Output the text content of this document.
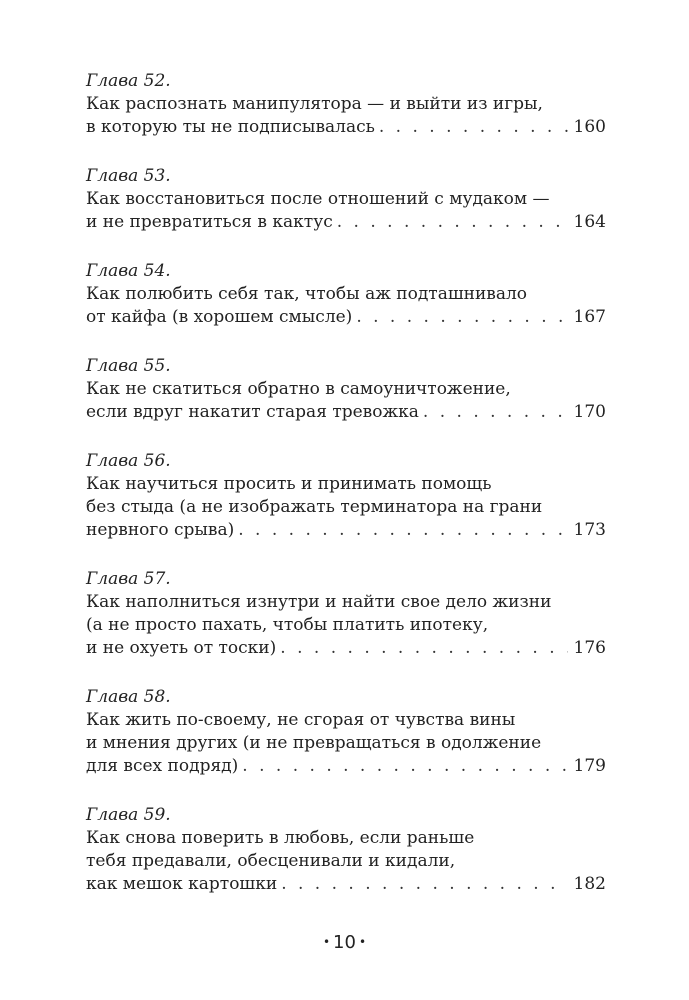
Глава 52.
Как распознать манипулятора — и выйти из игры,
в которую ты не подписывалась . . .	160
Глава 53.
Как восстановиться после отношений с мудаком —
и не превратиться в кактус . . .	164
Глава 54.
Как полюбить себя так, чтобы аж подташнивало
от кайфа (в хорошем смысле) . . .	167
Глава 55.
Как не скатиться обратно в самоуничтожение,
если вдруг накатит старая тревожка . . .	170
Глава 56.
Как научиться просить и принимать помощь
без стыда (а не изображать терминатора на грани
нервного срыва) . . .	173
Глава 57.
Как наполниться изнутри и найти свое дело жизни
(а не просто пахать, чтобы платить ипотеку,
и не охуеть от тоски) . . .	176
Глава 58.
Как жить по-своему, не сгорая от чувства вины
и мнения других (и не превращаться в одолжение
для всех подряд) . . .	179
Глава 59.
Как снова поверить в любовь, если раньше
тебя предавали, обесценивали и кидали,
как мешок картошки . . .	182
• 10 •
